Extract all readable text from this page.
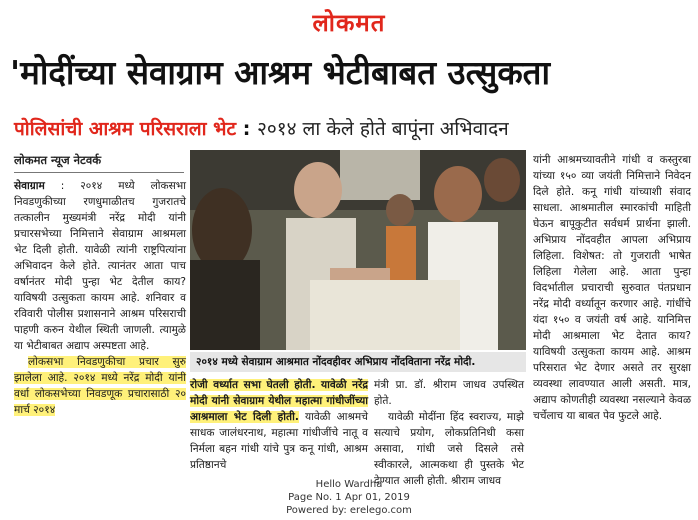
लोकमत
'मोदींच्या सेवाग्राम आश्रम भेटीबाबत उत्सुकता
पोलिसांची आश्रम परिसराला भेट : २०१४ ला केले होते बापूंना अभिवादन
लोकमत न्यूज नेटवर्क

सेवाग्राम : २०१४ मध्ये लोकसभा निवडणुकीच्या रणधुमाळीतच गुजरातचे तत्कालीन मुख्यमंत्री नरेंद्र मोदी यांनी प्रचारसभेच्या निमित्ताने सेवाग्राम आश्रमला भेट दिली होती. यावेळी त्यांनी राष्ट्रपित्यांना अभिवादन केले होते. त्यानंतर आता पाच वर्षानंतर मोदी पुन्हा भेट देतील काय? याविषयी उत्सुकता कायम आहे. शनिवार व रविवारी पोलीस प्रशासनाने आश्रम परिसराची पाहणी करुन येथील स्थिती जाणली. त्यामुळे या भेटीबाबत अद्याप अस्पष्टता आहे.

लोकसभा निवडणुकीचा प्रचार सुरु झालेला आहे. २०१४ मध्ये नरेंद्र मोदी यांनी वर्धा लोकसभेच्या निवडणूक प्रचारासाठी २० मार्च २०१४

२०१४ मध्ये सेवाग्राम आश्रमात नोंदवहीवर अभिप्राय नोंदविताना नरेंद्र मोदी.

रोजी वर्ध्यात सभा घेतली होती. यावेळी नरेंद्र मोदी यांनी सेवाग्राम येथील महात्मा गांधीजींच्या आश्रमाला भेट दिली होती. यावेळी आश्रमचे साधक जालंधरनाथ, महात्मा गांधीजींचे नातू व निर्मला बहन गांधी यांचे पुत्र कनू गांधी, आश्रम प्रतिष्ठानचे

मंत्री प्रा. डॉ. श्रीराम जाधव उपस्थित होते.

यावेळी मोदींना हिंद स्वराज्य, माझे सत्याचे प्रयोग, लोकप्रतिनिधी कसा असावा, गांधी जसे दिसले तसे स्वीकारले, आत्मकथा ही पुस्तके भेट देण्यात आली होती. श्रीराम जाधव

यांनी आश्रमच्यावतीने गांधी व कस्तुरबा यांच्या १५० व्या जयंती निमित्ताने निवेदन दिले होते. कनू गांधी यांच्याशी संवाद साधला. आश्रमातील स्मारकांची माहिती घेऊन बापूकुटीत सर्वधर्म प्रार्थना झाली. अभिप्राय नोंदवहीत आपला अभिप्राय लिहिला. विशेषत: तो गुजराती भाषेत लिहिला गेलेला आहे. आता पुन्हा विदर्भातील प्रचाराची सुरुवात पंतप्रधान नरेंद्र मोदी वर्ध्यातून करणार आहे. गांधींचे यंदा १५० व जयंती वर्ष आहे. यानिमित्त मोदी आश्रमाला भेट देतात काय? याविषयी उत्सुकता कायम आहे. आश्रम परिसरात भेट देणार असते तर सुरक्षा व्यवस्था लावण्यात आली असती. मात्र, अद्याप कोणतीही व्यवस्था नसल्याने केवळ चर्चेलाच या बाबत पेव फुटले आहे.

Hello Wardha
Page No. 1 Apr 01, 2019
Powered by: erelego.com
